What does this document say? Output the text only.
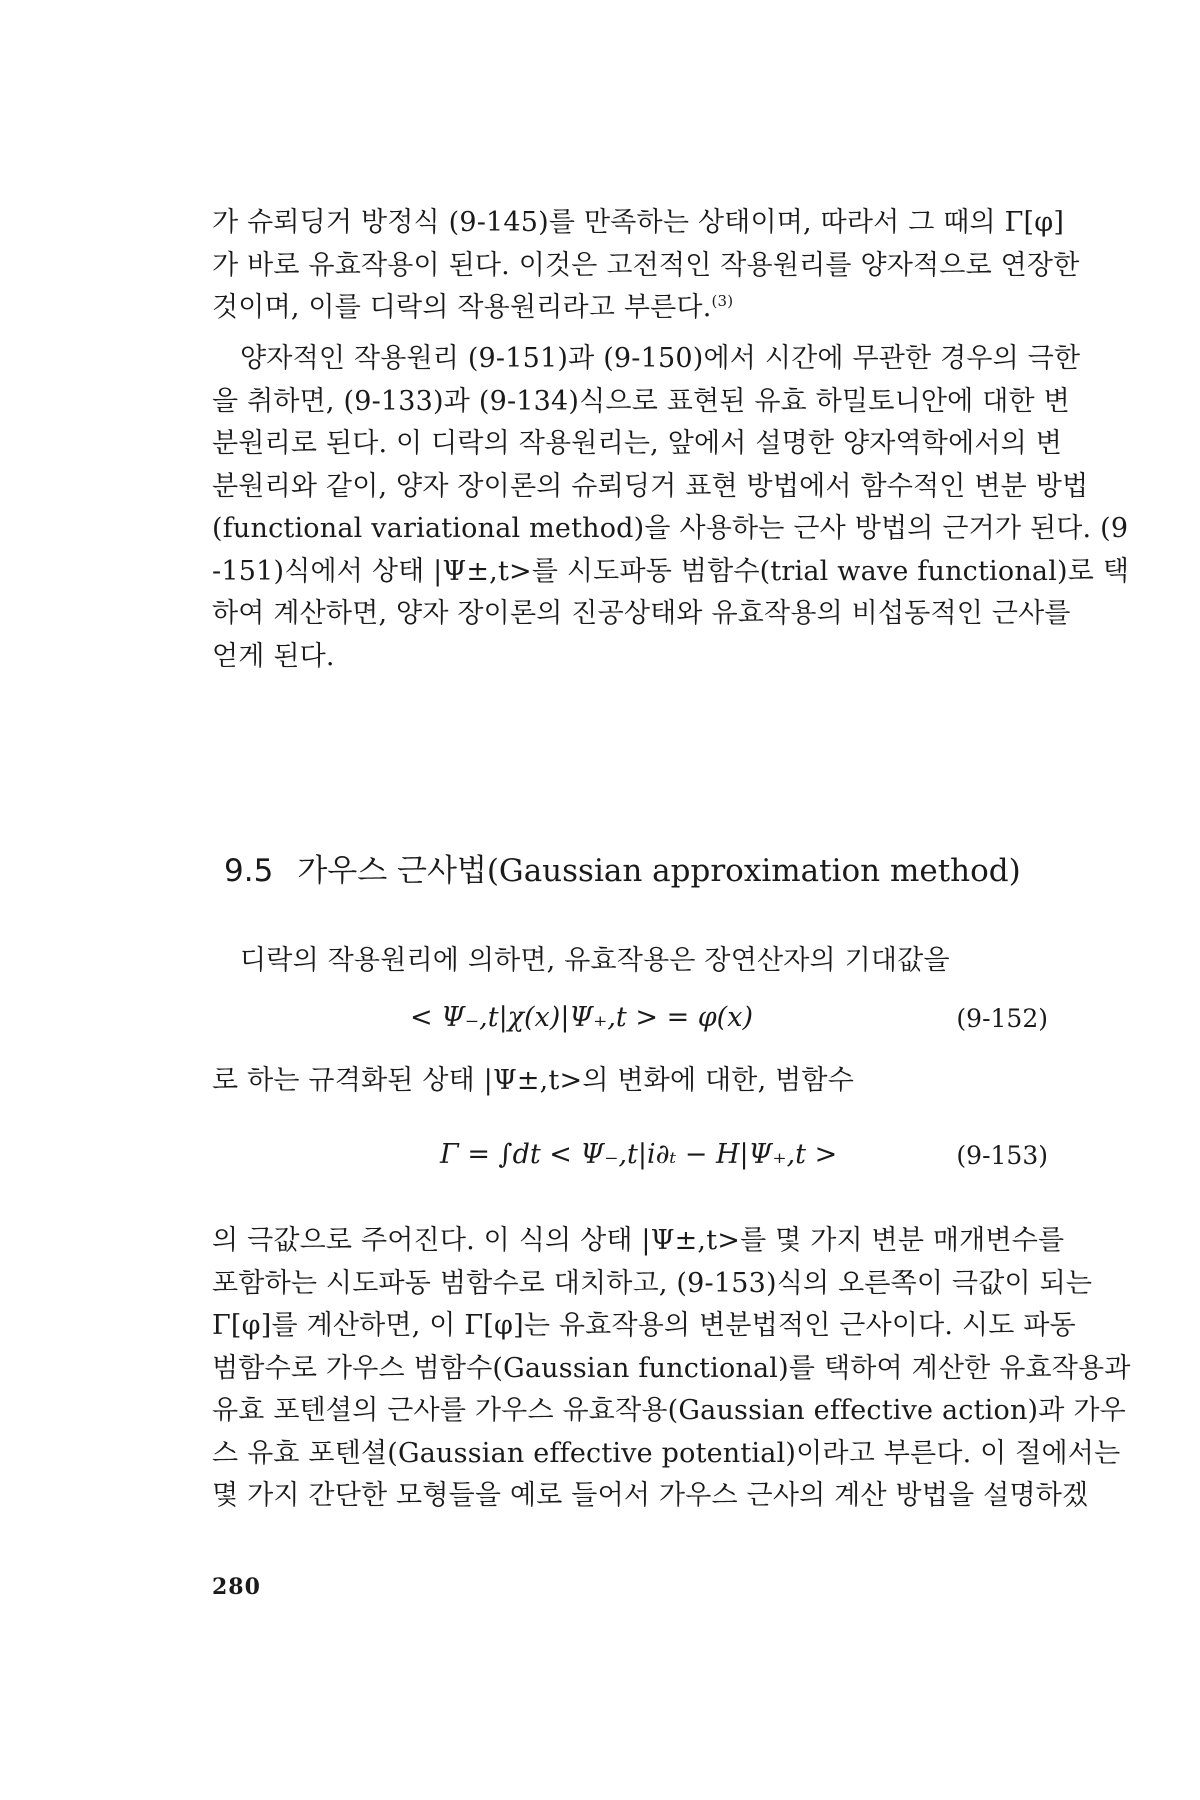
가 슈뢰딩거 방정식 (9-145)를 만족하는 상태이며, 따라서 그 때의 Γ[φ]
가 바로 유효작용이 된다. 이것은 고전적인 작용원리를 양자적으로 연장한
것이며, 이를 디락의 작용원리라고 부른다.$^{(3)}$
양자적인 작용원리 (9-151)과 (9-150)에서 시간에 무관한 경우의 극한
을 취하면, (9-133)과 (9-134)식으로 표현된 유효 하밀토니안에 대한 변
분원리로 된다. 이 디락의 작용원리는, 앞에서 설명한 양자역학에서의 변
분원리와 같이, 양자 장이론의 슈뢰딩거 표현 방법에서 함수적인 변분 방법
(functional variational method)을 사용하는 근사 방법의 근거가 된다. (9
-151)식에서 상태 |Ψ±,t>를 시도파동 범함수(trial wave functional)로 택
하여 계산하면, 양자 장이론의 진공상태와 유효작용의 비섭동적인 근사를
얻게 된다.
9.5 가우스 근사법(Gaussian approximation method)
디락의 작용원리에 의하면, 유효작용은 장연산자의 기대값을
< Ψ₋,t|χ(x)|Ψ₊,t > = φ(x)	(9-152)
로 하는 규격화된 상태 |Ψ±,t>의 변화에 대한, 범함수
Γ = ∫dt < Ψ₋,t|i∂ₜ − H|Ψ₊,t >	(9-153)
의 극값으로 주어진다. 이 식의 상태 |Ψ±,t>를 몇 가지 변분 매개변수를
포함하는 시도파동 범함수로 대치하고, (9-153)식의 오른쪽이 극값이 되는
Γ[φ]를 계산하면, 이 Γ[φ]는 유효작용의 변분법적인 근사이다. 시도 파동
범함수로 가우스 범함수(Gaussian functional)를 택하여 계산한 유효작용과
유효 포텐셜의 근사를 가우스 유효작용(Gaussian effective action)과 가우
스 유효 포텐셜(Gaussian effective potential)이라고 부른다. 이 절에서는
몇 가지 간단한 모형들을 예로 들어서 가우스 근사의 계산 방법을 설명하겠
280
